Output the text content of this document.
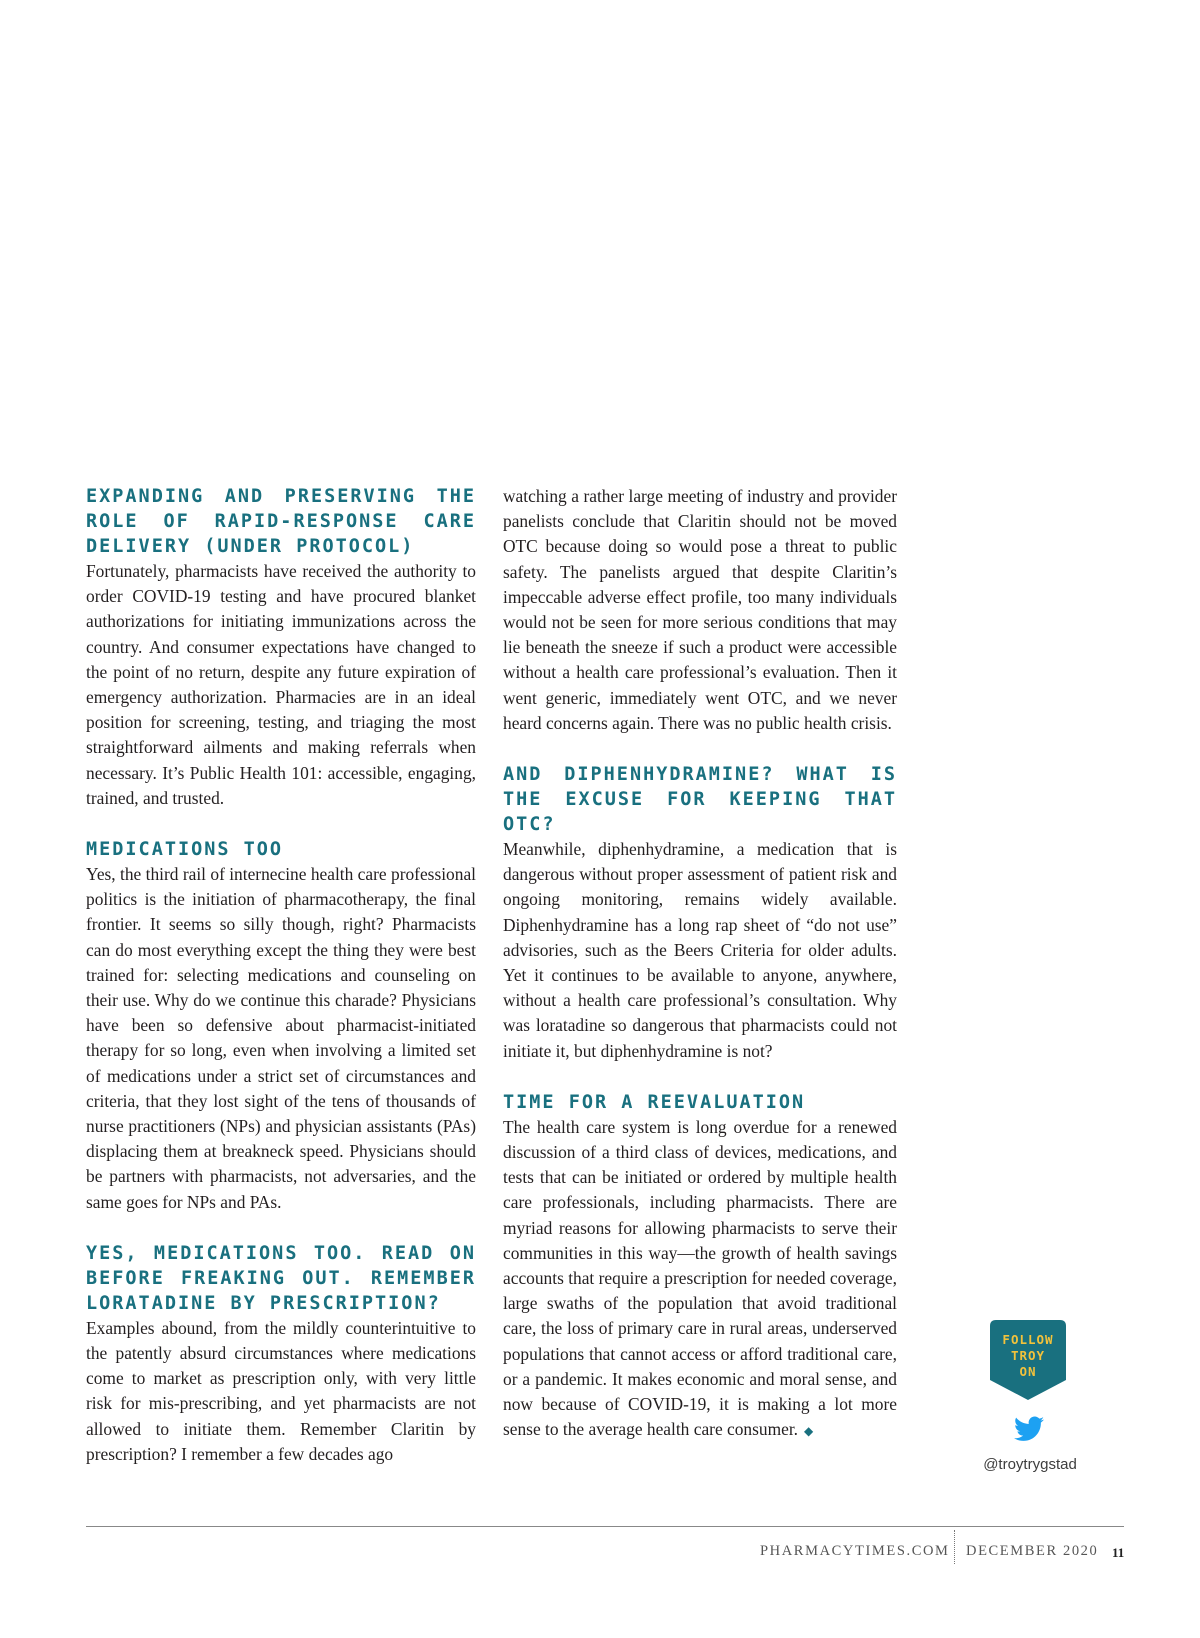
EXPANDING AND PRESERVING THE ROLE OF RAPID-RESPONSE CARE DELIVERY (UNDER PROTOCOL)

Fortunately, pharmacists have received the authority to order COVID-19 testing and have procured blanket authorizations for initiating immunizations across the country. And consumer expectations have changed to the point of no return, despite any future expiration of emergency authorization. Pharmacies are in an ideal position for screening, testing, and triaging the most straightforward ailments and making referrals when necessary. It’s Public Health 101: accessible, engaging, trained, and trusted.

MEDICATIONS TOO

Yes, the third rail of internecine health care professional politics is the initiation of pharmacotherapy, the final frontier. It seems so silly though, right? Pharmacists can do most everything except the thing they were best trained for: selecting medications and counseling on their use. Why do we continue this charade? Physicians have been so defensive about pharmacist-initiated therapy for so long, even when involving a limited set of medications under a strict set of circumstances and criteria, that they lost sight of the tens of thousands of nurse practitioners (NPs) and physician assistants (PAs) displacing them at breakneck speed. Physicians should be partners with pharmacists, not adversaries, and the same goes for NPs and PAs.

YES, MEDICATIONS TOO. READ ON BEFORE FREAKING OUT. REMEMBER LORATADINE BY PRESCRIPTION?

Examples abound, from the mildly counterintuitive to the patently absurd circumstances where medications come to market as prescription only, with very little risk for mis-prescribing, and yet pharmacists are not allowed to initiate them. Remember Claritin by prescription? I remember a few decades ago

watching a rather large meeting of industry and provider panelists conclude that Claritin should not be moved OTC because doing so would pose a threat to public safety. The panelists argued that despite Claritin’s impeccable adverse effect profile, too many individuals would not be seen for more serious conditions that may lie beneath the sneeze if such a product were accessible without a health care professional’s evaluation. Then it went generic, immediately went OTC, and we never heard concerns again. There was no public health crisis.

AND DIPHENHYDRAMINE? WHAT IS THE EXCUSE FOR KEEPING THAT OTC?

Meanwhile, diphenhydramine, a medication that is dangerous without proper assessment of patient risk and ongoing monitoring, remains widely available. Diphenhydramine has a long rap sheet of “do not use” advisories, such as the Beers Criteria for older adults. Yet it continues to be available to anyone, anywhere, without a health care professional’s consultation. Why was loratadine so dangerous that pharmacists could not initiate it, but diphenhydramine is not?

TIME FOR A REEVALUATION

The health care system is long overdue for a renewed discussion of a third class of devices, medications, and tests that can be initiated or ordered by multiple health care professionals, including pharmacists. There are myriad reasons for allowing pharmacists to serve their communities in this way—the growth of health savings accounts that require a prescription for needed coverage, large swaths of the population that avoid traditional care, the loss of primary care in rural areas, underserved populations that cannot access or afford traditional care, or a pandemic. It makes economic and moral sense, and now because of COVID-19, it is making a lot more sense to the average health care consumer. ◆

FOLLOW
TROY
ON
@troytrygstad
PHARMACYTIMES.COM DECEMBER 2020 11
